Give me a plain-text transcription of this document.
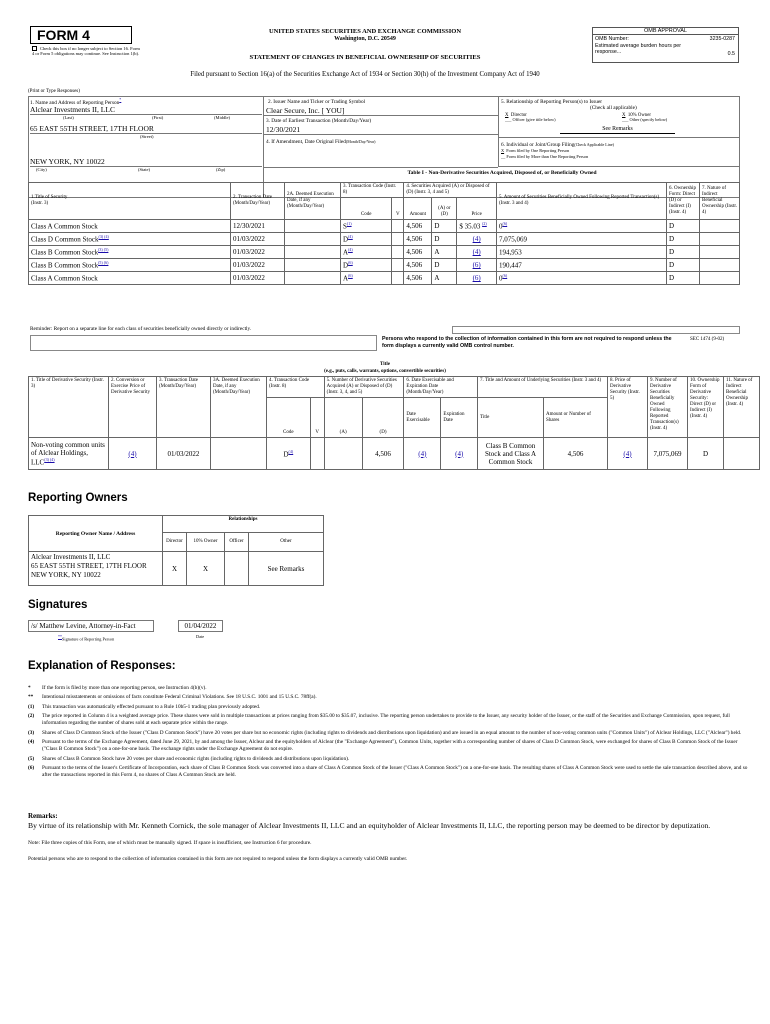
FORM 4
Check this box if no longer subject to Section 16. Form 4 or Form 5 obligations may continue. See Instruction 1(b).
UNITED STATES SECURITIES AND EXCHANGE COMMISSION
Washington, D.C. 20549
STATEMENT OF CHANGES IN BENEFICIAL OWNERSHIP OF SECURITIES
Filed pursuant to Section 16(a) of the Securities Exchange Act of 1934 or Section 30(h) of the Investment Company Act of 1940
OMB APPROVAL
OMB Number:	3235-0287
Estimated average burden hours per response...	0.5
(Print or Type Responses)
1. Name and Address of Reporting Person*
Alclear Investments II, LLC
(Last)	(First)	(Middle)
65 EAST 55TH STREET, 17TH FLOOR
(Street)
NEW YORK, NY 10022
(City)	(State)	(Zip)
2. Issuer Name and Ticker or Trading Symbol
Clear Secure, Inc. [ YOU]
3. Date of Earliest Transaction (Month/Day/Year)
12/30/2021
4. If Amendment, Date Original Filed(Month/Day/Year)
5. Relationship of Reporting Person(s) to Issuer
(Check all applicable)
X Director	X 10% Owner
___ Officer (give title below)	___ Other (specify below)
See Remarks
6. Individual or Joint/Group Filing(Check Applicable Line)
X Form filed by One Reporting Person
__ Form filed by More than One Reporting Person
Table I - Non-Derivative Securities Acquired, Disposed of, or Beneficially Owned
1.Title of Security
(Instr. 3)	2. Transaction Date (Month/Day/Year)	2A. Deemed Execution Date, if any (Month/Day/Year)	3. Transaction Code (Instr. 8)		4. Securities Acquired (A) or Disposed of (D) (Instr. 3, 4 and 5)			5. Amount of Securities Beneficially Owned Following Reported Transaction(s) (Instr. 3 and 4)	6. Ownership Form: Direct (D) or Indirect (I) (Instr. 4)	7. Nature of Indirect Beneficial Ownership (Instr. 4)
			Code	V	Amount	(A) or (D)	Price			
Class A Common Stock	12/30/2021		$S^{(1)}$		4,506	D	$ 35.03 $^{(2)}$	0$^{(6)}$	D	
Class D Common Stock$^{(3) (4)}$	01/03/2022		$D^{(4)}$		4,506	D	(4)	7,075,069	D	
Class B Common Stock$^{(3) (5)}$	01/03/2022		$A^{(4)}$		4,506	A	(4)	194,953	D	
Class B Common Stock$^{(5) (6)}$	01/03/2022		$D^{(6)}$		4,506	D	(6)	190,447	D	
Class A Common Stock	01/03/2022		$A^{(6)}$		4,506	A	(6)	0$^{(6)}$	D	
Reminder: Report on a separate line for each class of securities beneficially owned directly or indirectly.
Persons who respond to the collection of information contained in this form are not required to respond unless the form displays a currently valid OMB control number.
SEC 1474 (9-02)
Title
(e.g., puts, calls, warrants, options, convertible securities)
1. Title of Derivative Security (Instr. 3)	2. Conversion or Exercise Price of Derivative Security	3. Transaction Date (Month/Day/Year)	3A. Deemed Execution Date, if any (Month/Day/Year)	4. Transaction Code (Instr. 8)		5. Number of Derivative Securities Acquired (A) or Disposed of (D) (Instr. 3, 4, and 5)		6. Date Exercisable and Expiration Date (Month/Day/Year)		7. Title and Amount of Underlying Securities (Instr. 3 and 4)		8. Price of Derivative Security (Instr. 5)	9. Number of Derivative Securities Beneficially Owned Following Reported Transaction(s) (Instr. 4)	10. Ownership Form of Derivative Security: Direct (D) or Indirect (I) (Instr. 4)	11. Nature of Indirect Beneficial Ownership (Instr. 4)
				Code	V	(A)	(D)	Date Exercisable	Expiration Date	Title	Amount or Number of Shares				
Non-voting common units of Alclear Holdings, $LLC^{(3) (4)}$	(4)	01/03/2022		$D^{(4)}$			4,506	(4)	(4)	Class B Common Stock and Class A Common Stock	4,506	(4)	7,075,069	D	
Reporting Owners
Reporting Owner Name / Address	Relationships			
	Director	10% Owner	Officer	Other

Alclear Investments II, LLC
65 EAST 55TH STREET, 17TH FLOOR
NEW YORK, NY 10022	X	X		See Remarks
Signatures
/s/ Matthew Levine, Attorney-in-Fact
**Signature of Reporting Person
01/04/2022
Date
Explanation of Responses:
*	If the form is filed by more than one reporting person, see Instruction 4(b)(v).
**	Intentional misstatements or omissions of facts constitute Federal Criminal Violations. See 18 U.S.C. 1001 and 15 U.S.C. 78ff(a).
(1)	This transaction was automatically effected pursuant to a Rule 10b5-1 trading plan previously adopted.
(2)	The price reported in Column 4 is a weighted average price. These shares were sold in multiple transactions at prices ranging from $35.00 to $35.07, inclusive. The reporting person undertakes to provide to the Issuer, any security holder of the Issuer, or the staff of the Securities and Exchange Commission, upon request, full information regarding the number of shares sold at each separate price within the range.
(3)	Shares of Class D Common Stock of the Issuer ("Class D Common Stock") have 20 votes per share but no economic rights (including rights to dividends and distributions upon liquidation) and are issued in an equal amount to the number of non-voting common units ("Common Units") of Alclear Holdings, LLC ("Alclear") held.
(4)	Pursuant to the terms of the Exchange Agreement, dated June 29, 2021, by and among the Issuer, Alclear and the equityholders of Alclear (the "Exchange Agreement"), Common Units, together with a corresponding number of shares of Class D Common Stock, were exchanged for shares of Class B Common Stock of the Issuer ("Class B Common Stock") on a one-for-one basis. The exchange rights under the Exchange Agreement do not expire.
(5)	Shares of Class B Common Stock have 20 votes per share and economic rights (including rights to dividends and distributions upon liquidation).
(6)	Pursuant to the terms of the Issuer's Certificate of Incorporation, each share of Class B Common Stock was converted into a share of Class A Common Stock of the Issuer ("Class A Common Stock") on a one-for-one basis. The resulting shares of Class A Common Stock were used to settle the sale transaction described above, and so after the transactions reported in this Form 4, no shares of Class A Common Stock are held.
Remarks:
By virtue of its relationship with Mr. Kenneth Cornick, the sole manager of Alclear Investments II, LLC and an equityholder of Alclear Investments II, LLC, the reporting person may be deemed to be director by deputization.
Note: File three copies of this Form, one of which must be manually signed. If space is insufficient, see Instruction 6 for procedure.
Potential persons who are to respond to the collection of information contained in this form are not required to respond unless the form displays a currently valid OMB number.
